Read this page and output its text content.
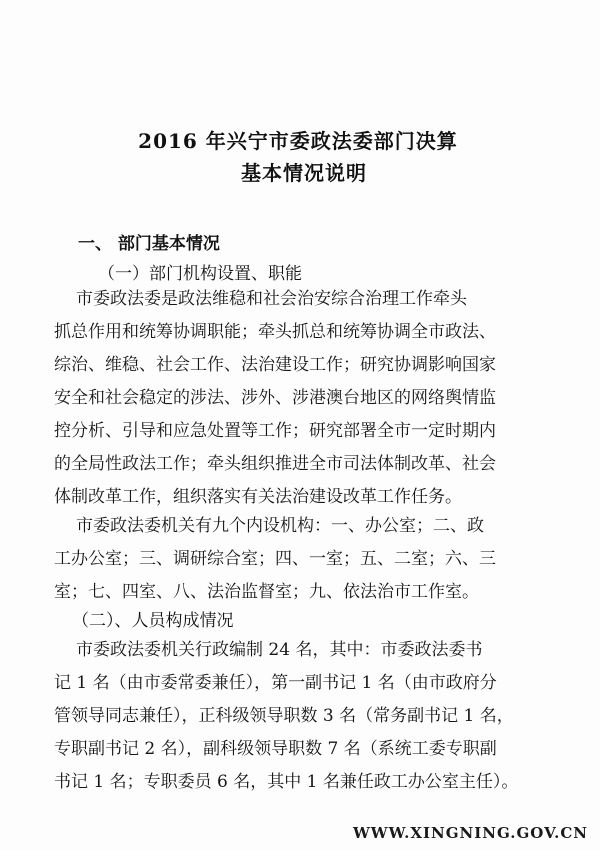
2016 年兴宁市委政法委部门决算
基本情况说明
一、 部门基本情况
（一）部门机构设置、职能
市委政法委是政法维稳和社会治安综合治理工作牵头
抓总作用和统筹协调职能；牵头抓总和统筹协调全市政法、
综治、维稳、社会工作、法治建设工作；研究协调影响国家
安全和社会稳定的涉法、涉外、涉港澳台地区的网络舆情监
控分析、引导和应急处置等工作；研究部署全市一定时期内
的全局性政法工作；牵头组织推进全市司法体制改革、社会
体制改革工作，组织落实有关法治建设改革工作任务。
市委政法委机关有九个内设机构：一、办公室；二、政
工办公室；三、调研综合室；四、一室；五、二室；六、三
室；七、四室、八、法治监督室；九、依法治市工作室。
（二）、人员构成情况
市委政法委机关行政编制 24 名，其中：市委政法委书
记 1 名（由市委常委兼任），第一副书记 1 名（由市政府分
管领导同志兼任），正科级领导职数 3 名（常务副书记 1 名，
专职副书记 2 名），副科级领导职数 7 名（系统工委专职副
书记 1 名；专职委员 6 名，其中 1 名兼任政工办公室主任）。
WWW.XINGNING.GOV.CN
